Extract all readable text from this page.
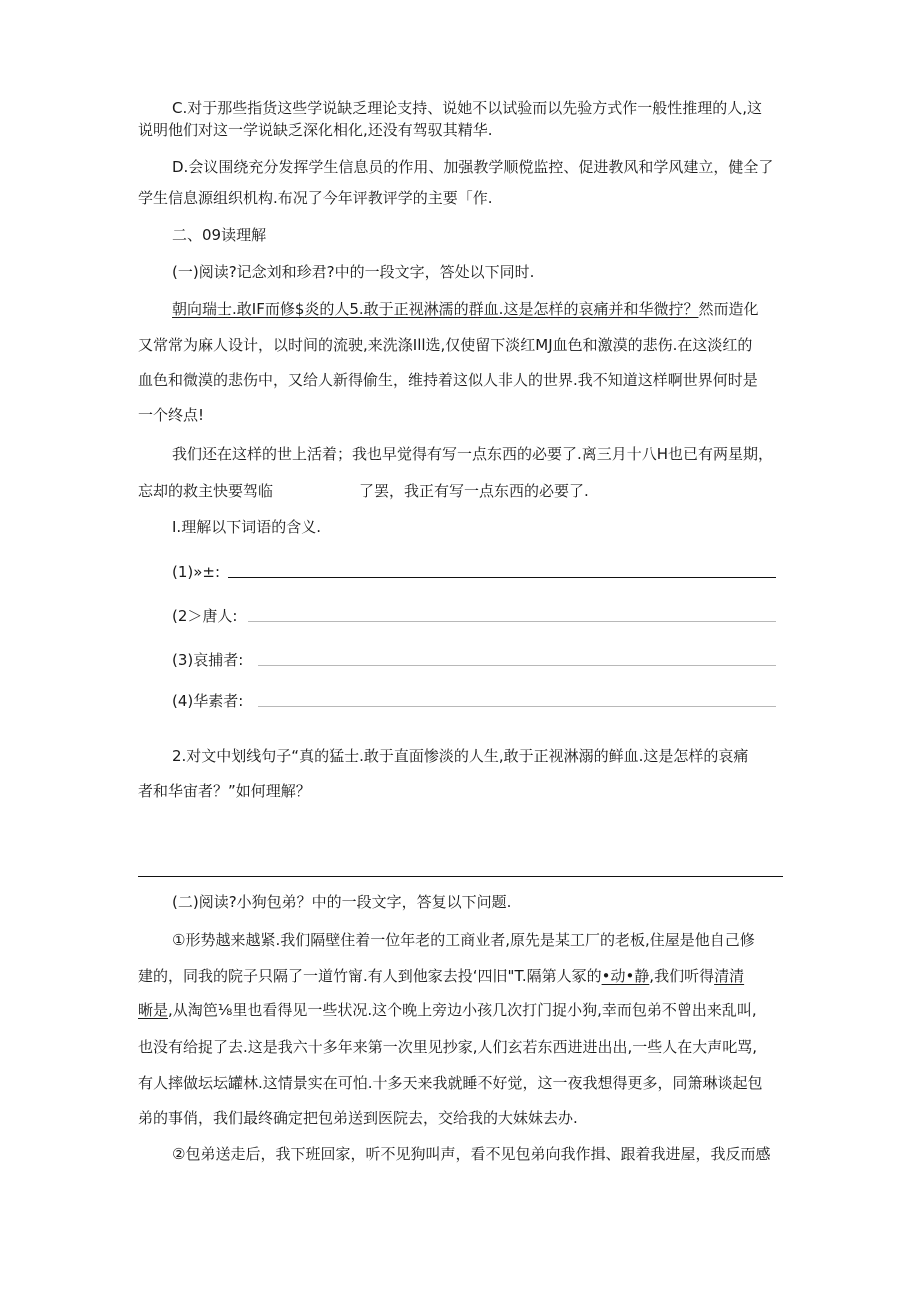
C.对于那些指货这些学说缺乏理论支持、说她不以试验而以先验方式作一般性推理的人,这
说明他们对这一学说缺乏深化相化,还没有驾驭其精华.
D.会议围绕充分发挥学生信息员的作用、加强教学顺傥监控、促进教风和学风建立，健全了
学生信息源组织机构.布况了今年评教评学的主要「作.
二、09读理解
(一)阅读?记念刘和珍君?中的一段文字，答处以下同时.
朝向瑞士.敢IF而修$炎的人5.敢于正视淋濡的群血.这是怎样的哀痛并和华微拧？然而造化
又常常为麻人设计，以时间的流驶,来洗涤Ill选,仅使留下淡红MJ血色和激漠的悲伤.在这淡红的
血色和微漠的悲伤中，又给人新得偷生，维持着这似人非人的世界.我不知道这样啊世界何时是
一个终点!
我们还在这样的世上活着；我也早觉得有写一点东西的必要了.离三月十八H也已有两星期，
忘却的救主快要驾临	了罢，我正有写一点东西的必要了.
I.理解以下词语的含义.
(1)»±:
(2＞唐人:
(3)哀捕者:
(4)华素者:
2.对文中划线句子“真的猛士.敢于直面惨淡的人生,敢于正视淋溺的鲜血.这是怎样的哀痛
者和华宙者？”如何理解？
(二)阅读?小狗包弟？中的一段文字，答复以下问题.
①形势越来越紧.我们隔壁住着一位年老的工商业者,原先是某工厂的老板,住屋是他自己修
建的，同我的院子只隔了一道竹甯.有人到他家去投‘四旧"T.隔第人冢的•动•静,我们听得清清
晰是,从淘笆⅛里也看得见一些状况.这个晚上旁边小孩几次打门捉小狗,幸而包弟不曾出来乱叫,
也没有给捉了去.这是我六十多年来第一次里见抄家,人们玄若东西进进出出,一些人在大声叱骂,
有人摔做坛坛罐林.这情景实在可怕.十多天来我就睡不好觉，这一夜我想得更多，同箫琳谈起包
弟的事俏，我们最终确定把包弟送到医院去，交给我的大妹妹去办.
②包弟送走后，我下班回家，听不见狗叫声，看不见包弟向我作揖、跟着我进屋，我反而感
